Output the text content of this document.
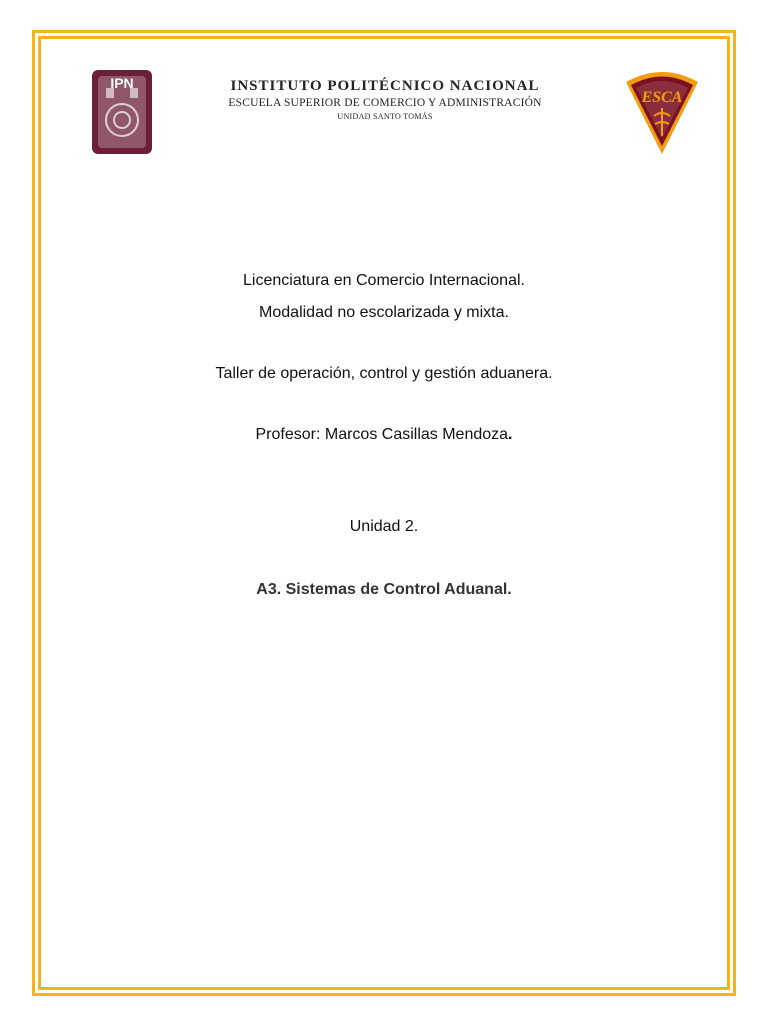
IPN
ESCA
INSTITUTO POLITÉCNICO NACIONAL
ESCUELA SUPERIOR DE COMERCIO Y ADMINISTRACIÓN
UNIDAD SANTO TOMÁS
Licenciatura en Comercio Internacional.
Modalidad no escolarizada y mixta.
Taller de operación, control y gestión aduanera.
Profesor: Marcos Casillas Mendoza.
Unidad 2.
A3. Sistemas de Control Aduanal.
